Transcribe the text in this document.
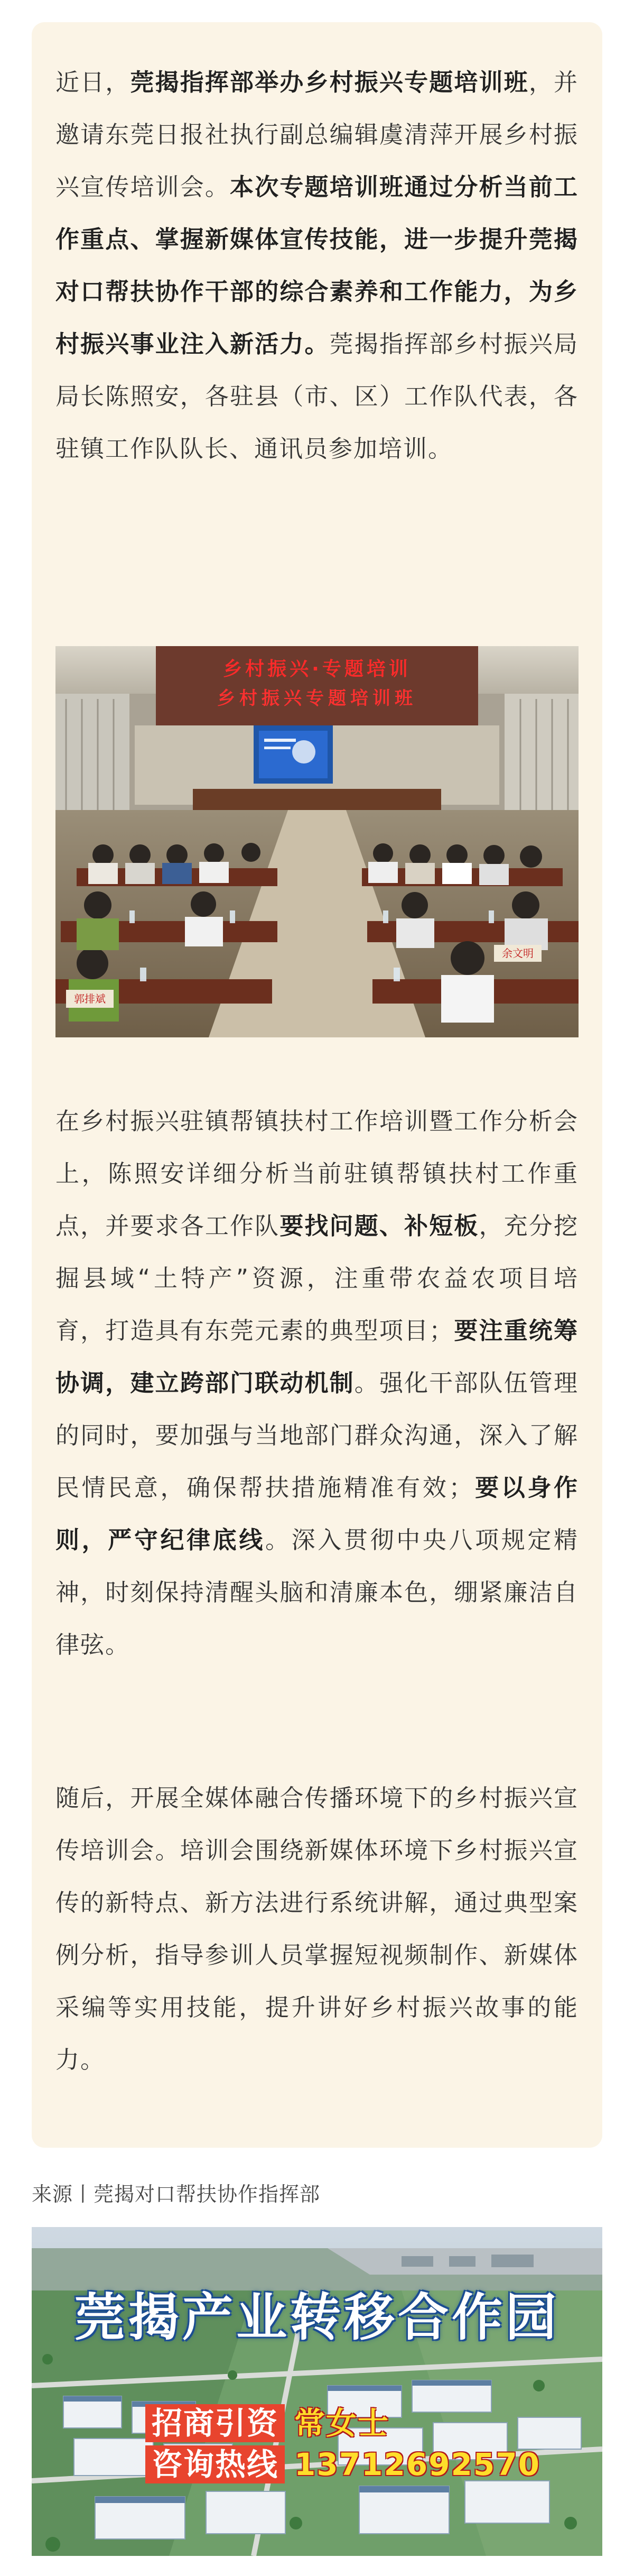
近日，莞揭指挥部举办乡村振兴专题培训班，并邀请东莞日报社执行副总编辑虞清萍开展乡村振兴宣传培训会。本次专题培训班通过分析当前工作重点、掌握新媒体宣传技能，进一步提升莞揭对口帮扶协作干部的综合素养和工作能力，为乡村振兴事业注入新活力。莞揭指挥部乡村振兴局局长陈照安，各驻县（市、区）工作队代表，各驻镇工作队队长、通讯员参加培训。

乡村振兴·专题培训
乡村振兴专题培训班
郭排斌
余文明

在乡村振兴驻镇帮镇扶村工作培训暨工作分析会上，陈照安详细分析当前驻镇帮镇扶村工作重点，并要求各工作队要找问题、补短板，充分挖掘县域“土特产”资源，注重带农益农项目培育，打造具有东莞元素的典型项目；要注重统筹协调，建立跨部门联动机制。强化干部队伍管理的同时，要加强与当地部门群众沟通，深入了解民情民意，确保帮扶措施精准有效；要以身作则，严守纪律底线。深入贯彻中央八项规定精神，时刻保持清醒头脑和清廉本色，绷紧廉洁自律弦。

随后，开展全媒体融合传播环境下的乡村振兴宣传培训会。培训会围绕新媒体环境下乡村振兴宣传的新特点、新方法进行系统讲解，通过典型案例分析，指导参训人员掌握短视频制作、新媒体采编等实用技能，提升讲好乡村振兴故事的能力。

来源丨莞揭对口帮扶协作指挥部
莞揭产业转移合作园
招商引资 常女士
咨询热线 13712692570
